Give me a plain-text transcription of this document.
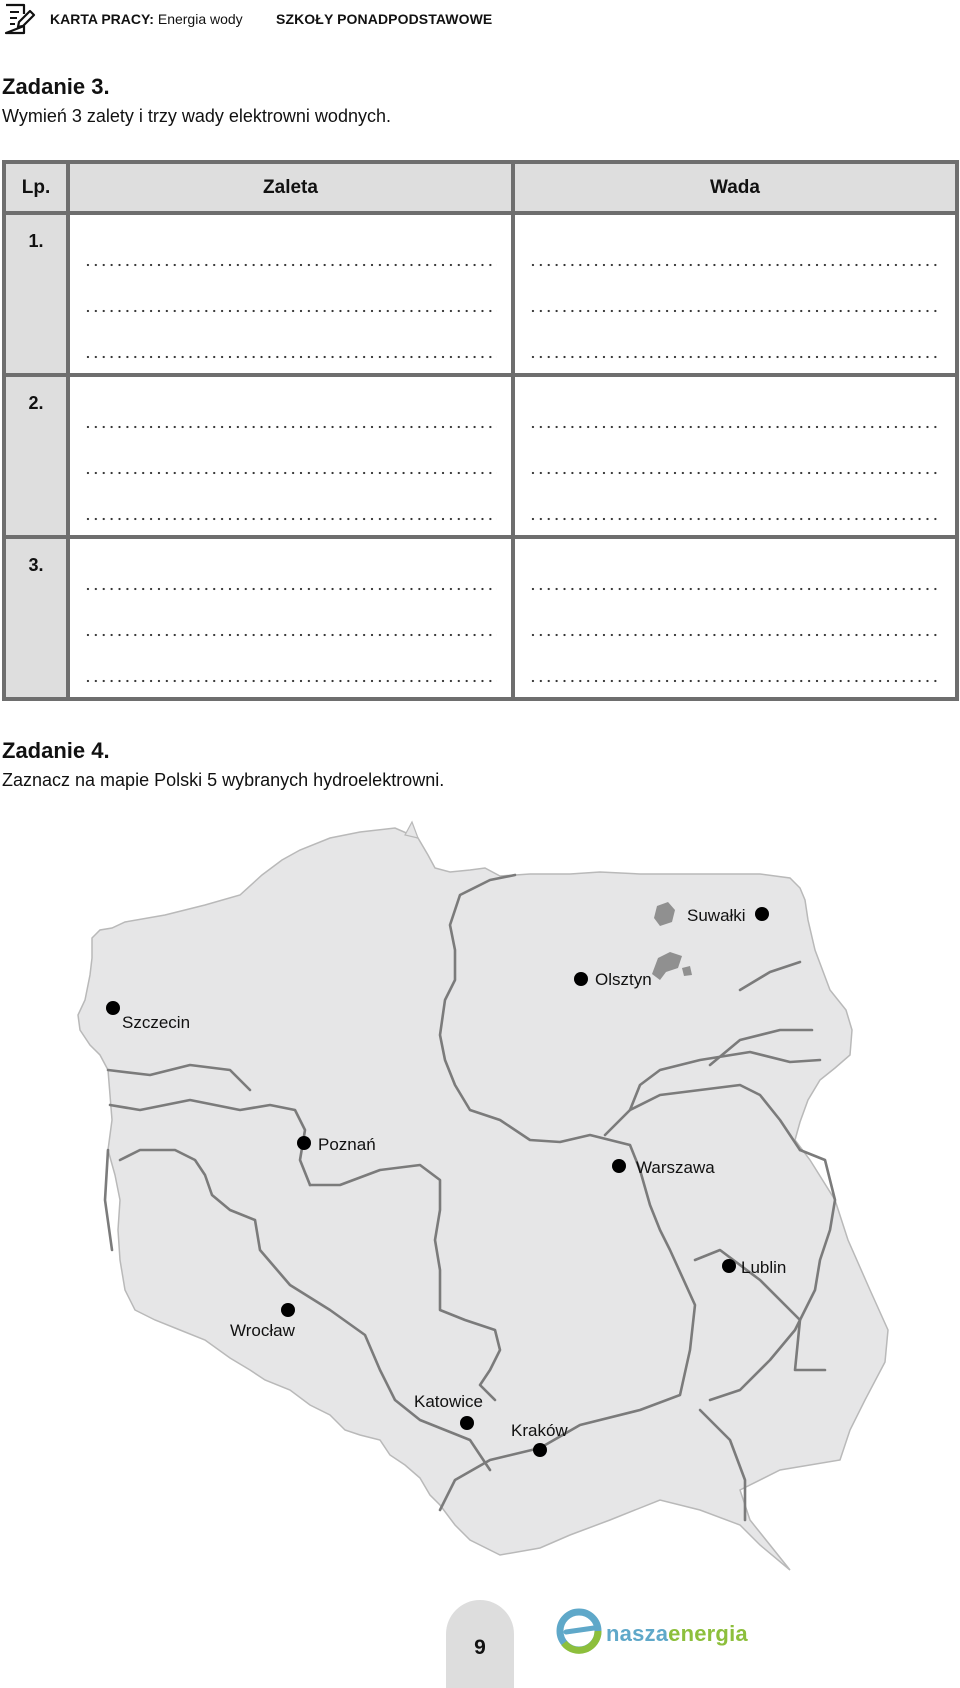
KARTA PRACY: Energia wody SZKOŁY PONADPODSTAWOWE
Zadanie 3.
Wymień 3 zalety i trzy wady elektrowni wodnych.
Lp.	Zaleta	Wada
1.	

2.	

3.	

Zadanie 4.
Zaznacz na mapie Polski 5 wybranych hydroelektrowni.
Szczecin
Poznań
Wrocław
Katowice
Kraków
Warszawa
Lublin
Olsztyn
Suwałki
9
naszaenergia
